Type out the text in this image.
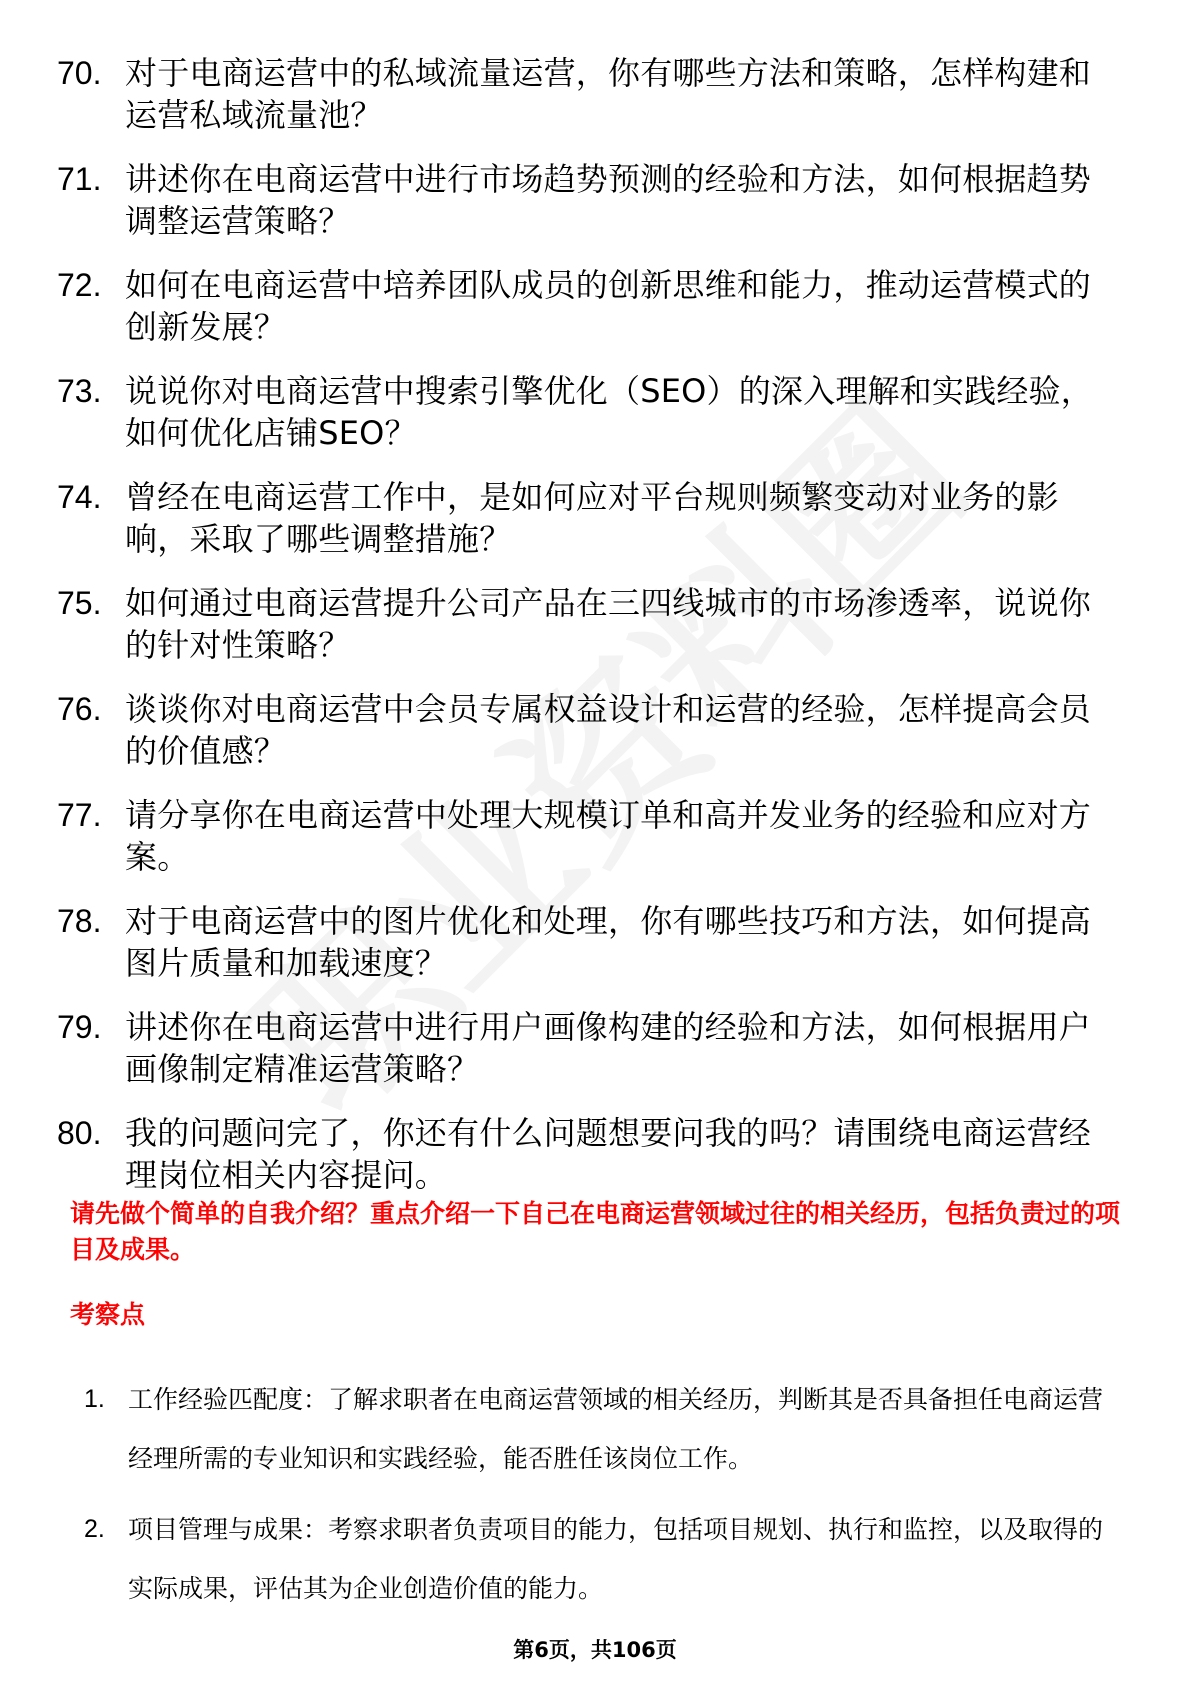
70. 对于电商运营中的私域流量运营，你有哪些方法和策略，怎样构建和运营私域流量池？
71. 讲述你在电商运营中进行市场趋势预测的经验和方法，如何根据趋势调整运营策略？
72. 如何在电商运营中培养团队成员的创新思维和能力，推动运营模式的创新发展？
73. 说说你对电商运营中搜索引擎优化（SEO）的深入理解和实践经验，如何优化店铺SEO？
74. 曾经在电商运营工作中，是如何应对平台规则频繁变动对业务的影响，采取了哪些调整措施？
75. 如何通过电商运营提升公司产品在三四线城市的市场渗透率，说说你的针对性策略？
76. 谈谈你对电商运营中会员专属权益设计和运营的经验，怎样提高会员的价值感？
77. 请分享你在电商运营中处理大规模订单和高并发业务的经验和应对方案。
78. 对于电商运营中的图片优化和处理，你有哪些技巧和方法，如何提高图片质量和加载速度？
79. 讲述你在电商运营中进行用户画像构建的经验和方法，如何根据用户画像制定精准运营策略？
80. 我的问题问完了，你还有什么问题想要问我的吗？请围绕电商运营经理岗位相关内容提问。
请先做个简单的自我介绍？重点介绍一下自己在电商运营领域过往的相关经历，包括负责过的项目及成果。
考察点
1. 工作经验匹配度：了解求职者在电商运营领域的相关经历，判断其是否具备担任电商运营经理所需的专业知识和实践经验，能否胜任该岗位工作。
2. 项目管理与成果：考察求职者负责项目的能力，包括项目规划、执行和监控，以及取得的实际成果，评估其为企业创造价值的能力。
第6页，共106页
